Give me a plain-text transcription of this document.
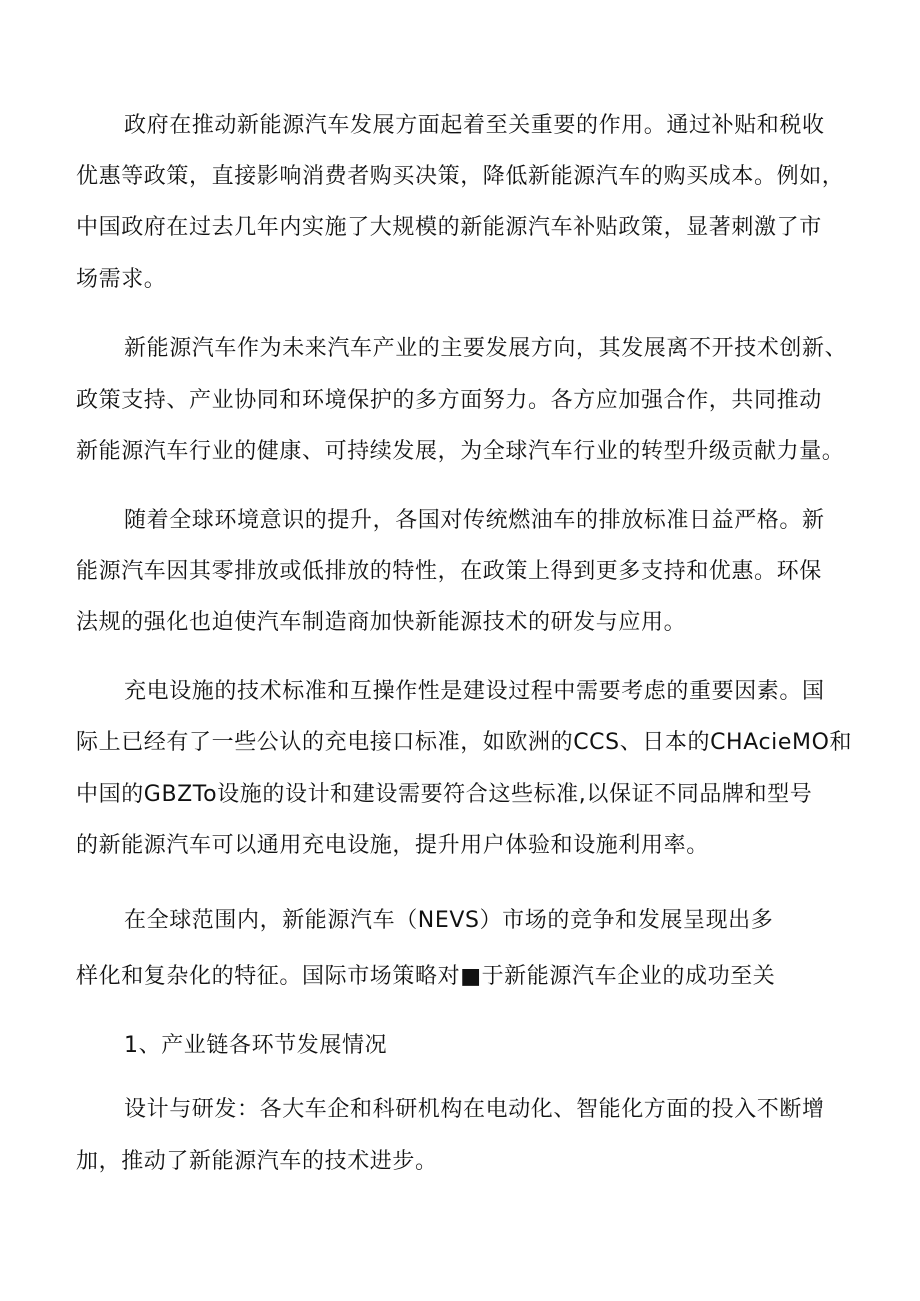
政府在推动新能源汽车发展方面起着至关重要的作用。通过补贴和税收
优惠等政策，直接影响消费者购买决策，降低新能源汽车的购买成本。例如，
中国政府在过去几年内实施了大规模的新能源汽车补贴政策，显著刺激了市
场需求。
新能源汽车作为未来汽车产业的主要发展方向，其发展离不开技术创新、
政策支持、产业协同和环境保护的多方面努力。各方应加强合作，共同推动
新能源汽车行业的健康、可持续发展，为全球汽车行业的转型升级贡献力量。
随着全球环境意识的提升，各国对传统燃油车的排放标准日益严格。新
能源汽车因其零排放或低排放的特性，在政策上得到更多支持和优惠。环保
法规的强化也迫使汽车制造商加快新能源技术的研发与应用。
充电设施的技术标准和互操作性是建设过程中需要考虑的重要因素。国
际上已经有了一些公认的充电接口标准，如欧洲的CCS、日本的CHAcieMO和
中国的GBZTo设施的设计和建设需要符合这些标准,以保证不同品牌和型号
的新能源汽车可以通用充电设施，提升用户体验和设施利用率。
在全球范围内，新能源汽车（NEVS）市场的竞争和发展呈现出多
样化和复杂化的特征。国际市场策略对■于新能源汽车企业的成功至关
1、产业链各环节发展情况
设计与研发：各大车企和科研机构在电动化、智能化方面的投入不断增
加，推动了新能源汽车的技术进步。
